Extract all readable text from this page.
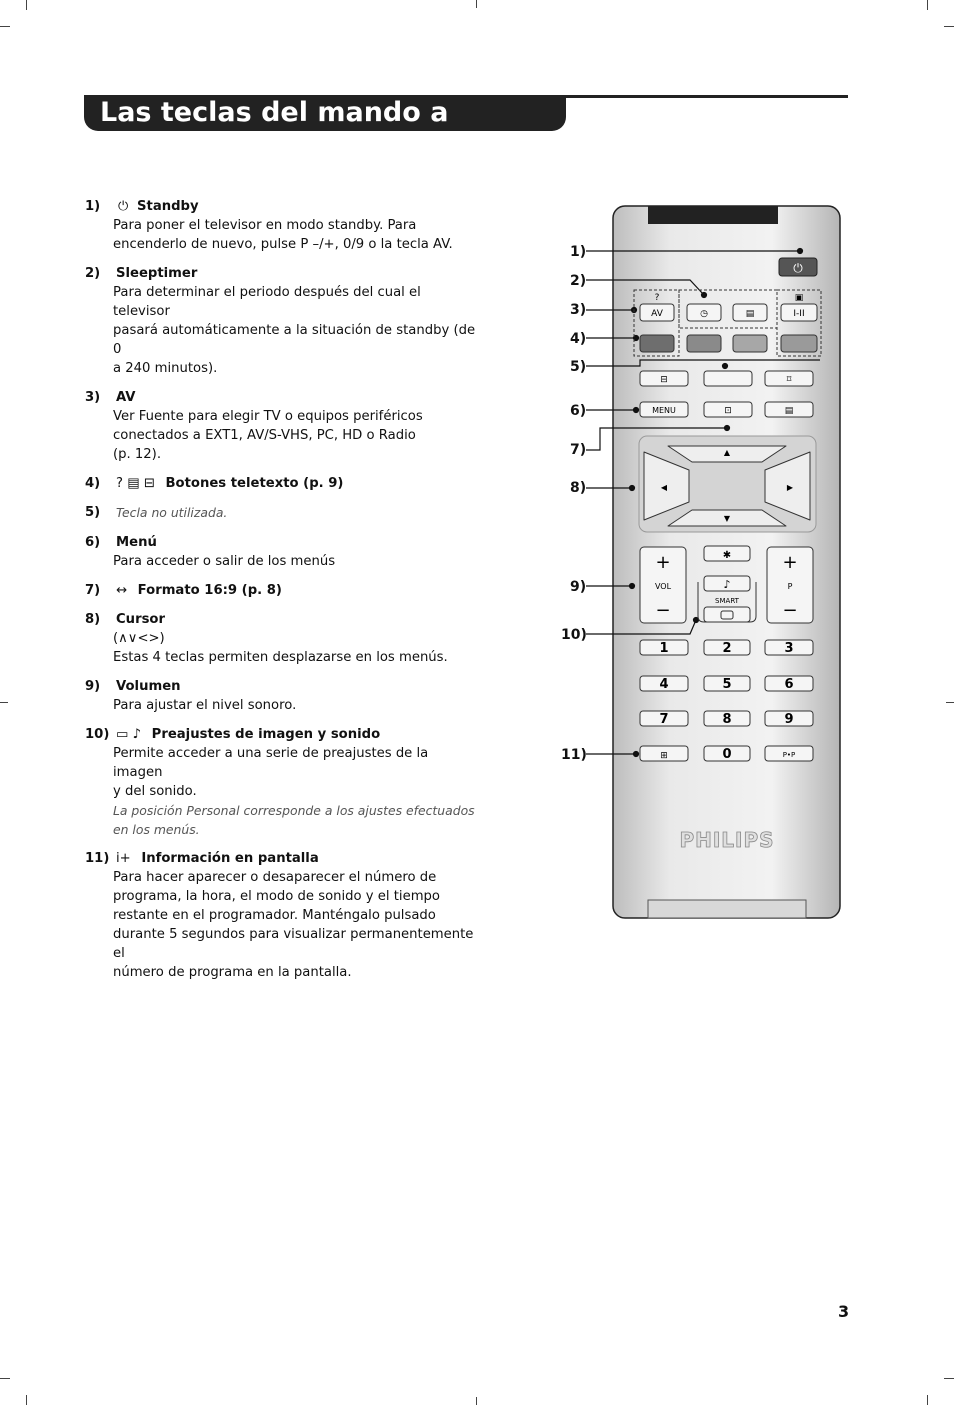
Las teclas del mando a distancia
1) ⏻ Standby
Para poner el televisor en modo standby. Para
encenderlo de nuevo, pulse P –/+, 0/9 o la tecla AV.
2) Sleeptimer
Para determinar el periodo después del cual el televisor
pasará automáticamente a la situación de standby (de 0
a 240 minutos).
3) AV
Ver Fuente para elegir TV o equipos periféricos
conectados a EXT1, AV/S-VHS, PC, HD o Radio
(p. 12).
4) ? ▤ ⊟ Botones teletexto (p. 9)
5) Tecla no utilizada.
6) Menú
Para acceder o salir de los menús
7) ↔ Formato 16:9 (p. 8)
8) Cursor
(∧∨<>)
Estas 4 teclas permiten desplazarse en los menús.
9) Volumen
Para ajustar el nivel sonoro.
10) ▭ ♪ Preajustes de imagen y sonido
Permite acceder a una serie de preajustes de la imagen
y del sonido.
La posición Personal corresponde a los ajustes efectuados en los menús.
11) i+ Información en pantalla
Para hacer aparecer o desaparecer el número de
programa, la hora, el modo de sonido y el tiempo
restante en el programador. Manténgalo pulsado
durante 5 segundos para visualizar permanentemente el
número de programa en la pantalla.
1)
2)
3)
4)
5)
6)
7)
8)
9)
10)
11)
⏻
?
AV	◷	▤
▣
I-II
⊟	⌑
MENU	⊡	▤
▲
▼
◀	▶
+
VOL
−
+
P
−
✱
♪
SMART
1	2	3
4	5	6
7	8	9
⊞	0	P•P
PHILIPS
3
